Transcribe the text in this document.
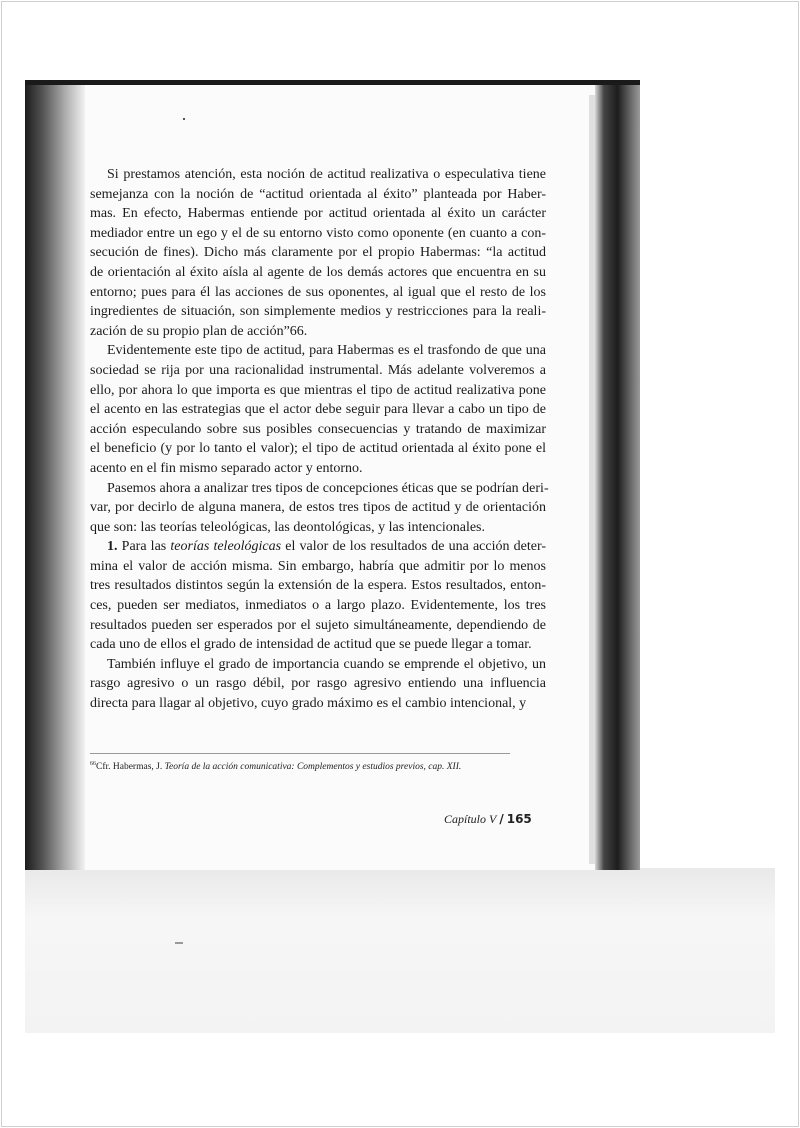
Si prestamos atención, esta noción de actitud realizativa o especulativa tiene
semejanza con la noción de “actitud orientada al éxito” planteada por Haber-
mas. En efecto, Habermas entiende por actitud orientada al éxito un carácter
mediador entre un ego y el de su entorno visto como oponente (en cuanto a con-
secución de fines). Dicho más claramente por el propio Habermas: “la actitud
de orientación al éxito aísla al agente de los demás actores que encuentra en su
entorno; pues para él las acciones de sus oponentes, al igual que el resto de los
ingredientes de situación, son simplemente medios y restricciones para la reali-
zación de su propio plan de acción”66.
Evidentemente este tipo de actitud, para Habermas es el trasfondo de que una
sociedad se rija por una racionalidad instrumental. Más adelante volveremos a
ello, por ahora lo que importa es que mientras el tipo de actitud realizativa pone
el acento en las estrategias que el actor debe seguir para llevar a cabo un tipo de
acción especulando sobre sus posibles consecuencias y tratando de maximizar
el beneficio (y por lo tanto el valor); el tipo de actitud orientada al éxito pone el
acento en el fin mismo separado actor y entorno.
Pasemos ahora a analizar tres tipos de concepciones éticas que se podrían deri-
var, por decirlo de alguna manera, de estos tres tipos de actitud y de orientación
que son: las teorías teleológicas, las deontológicas, y las intencionales.
1. Para las teorías teleológicas el valor de los resultados de una acción deter-
mina el valor de acción misma. Sin embargo, habría que admitir por lo menos
tres resultados distintos según la extensión de la espera. Estos resultados, enton-
ces, pueden ser mediatos, inmediatos o a largo plazo. Evidentemente, los tres
resultados pueden ser esperados por el sujeto simultáneamente, dependiendo de
cada uno de ellos el grado de intensidad de actitud que se puede llegar a tomar.
También influye el grado de importancia cuando se emprende el objetivo, un
rasgo agresivo o un rasgo débil, por rasgo agresivo entiendo una influencia
directa para llagar al objetivo, cuyo grado máximo es el cambio intencional, y
$^{66}$Cfr. Habermas, J. Teoría de la acción comunicativa: Complementos y estudios previos, cap. XII.
Capítulo V / 165
